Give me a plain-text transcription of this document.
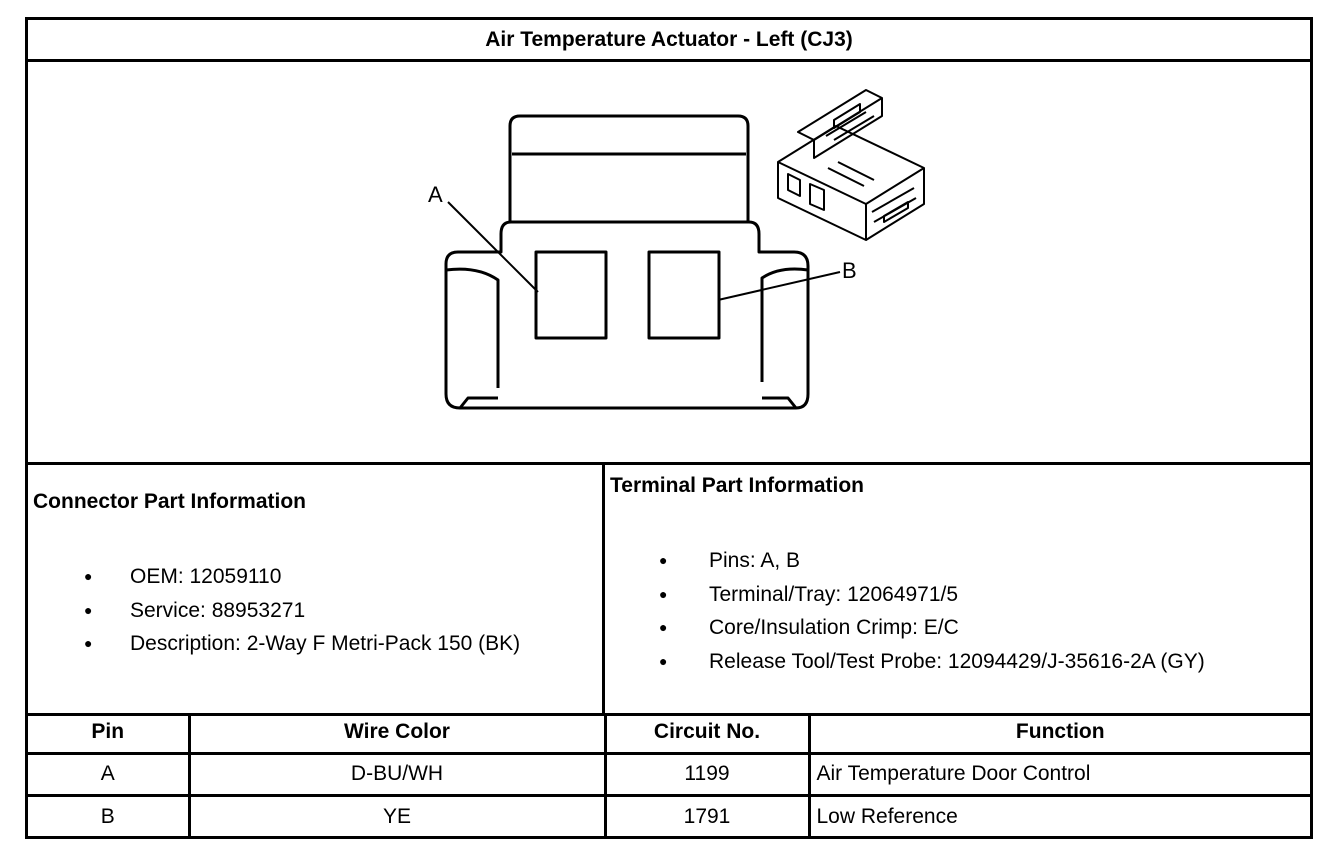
Air Temperature Actuator - Left (CJ3)
A
B
Connector Part Information
● OEM: 12059110
● Service: 88953271
● Description: 2-Way F Metri-Pack 150 (BK)
Terminal Part Information
● Pins: A, B
● Terminal/Tray: 12064971/5
● Core/Insulation Crimp: E/C
● Release Tool/Test Probe: 12094429/J-35616-2A (GY)
Pin	Wire Color	Circuit No.	Function
A	D-BU/WH	1199	Air Temperature Door Control
B	YE	1791	Low Reference
